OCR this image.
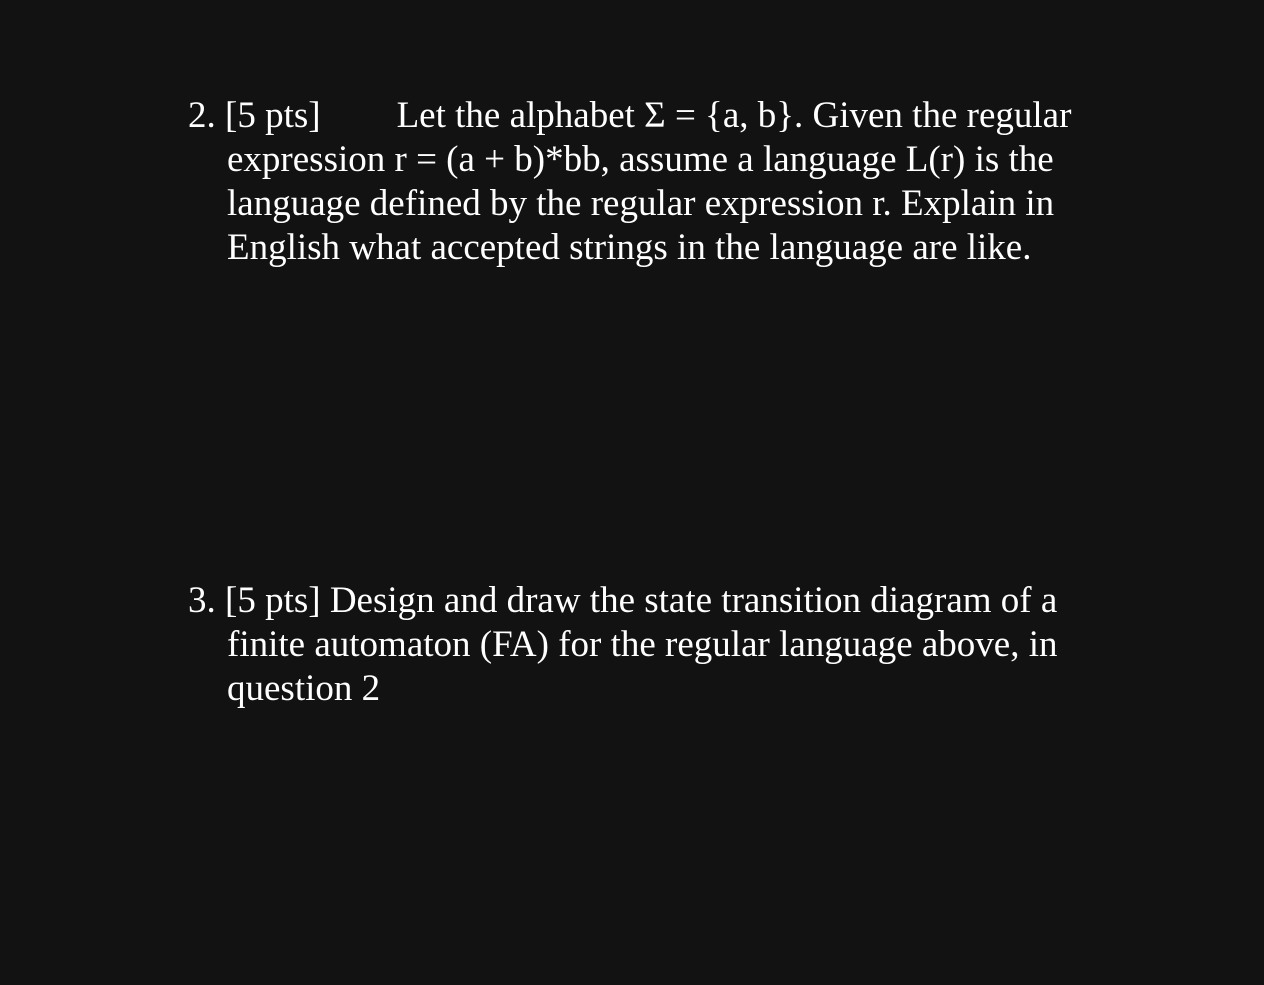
2. [5 pts] Let the alphabet Σ = {a, b}. Given the regular
expression r = (a + b)*bb, assume a language L(r) is the
language defined by the regular expression r. Explain in
English what accepted strings in the language are like.
3. [5 pts] Design and draw the state transition diagram of a
finite automaton (FA) for the regular language above, in
question 2
